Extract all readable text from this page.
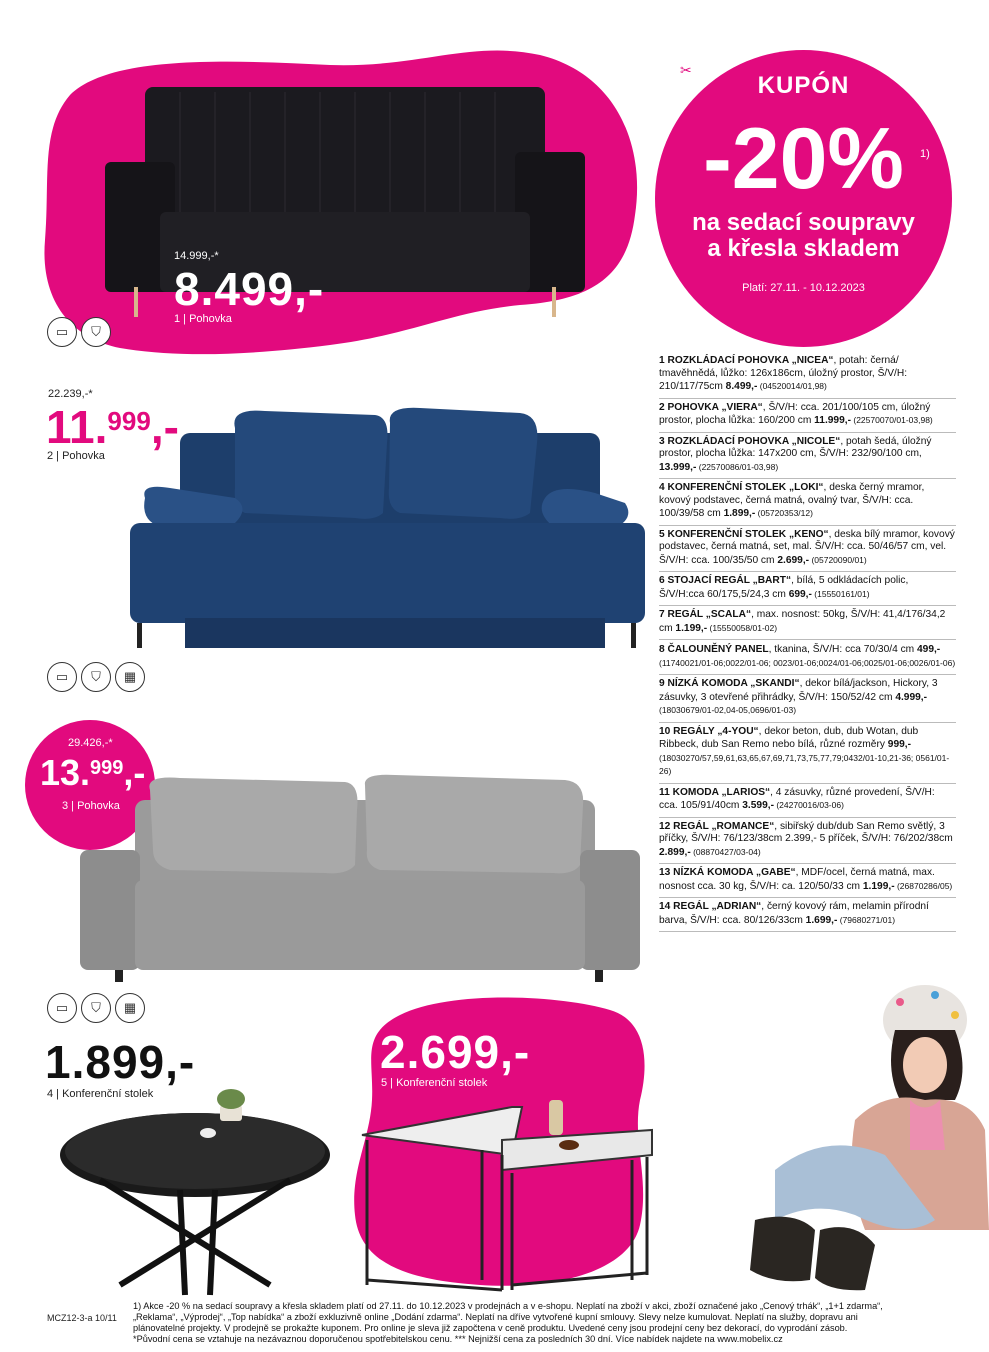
KUPÓN
-20%	1)
na sedací soupravy
a křesla skladem
Platí: 27.11. - 10.12.2023
✂
14.999,-*
8.499,-
1 | Pohovka
▭	⛉
22.239,-*
11.999,-
2 | Pohovka
▭	⛉	▦
29.426,-*
13.999,-
3 | Pohovka
▭	⛉	▦
1.899,-
4 | Konferenční stolek
2.699,-
5 | Konferenční stolek
1 ROZKLÁDACÍ POHOVKA „NICEA“, potah: černá/ tmavěhnědá, lůžko: 126x186cm, úložný prostor, Š/V/H: 210/117/75cm 8.499,- (04520014/01,98)
2 POHOVKA „VIERA“, Š/V/H: cca. 201/100/105 cm, úložný prostor, plocha lůžka: 160/200 cm 11.999,- (22570070/01-03,98)
3 ROZKLÁDACÍ POHOVKA „NICOLE“, potah šedá, úložný prostor, plocha lůžka: 147x200 cm, Š/V/H: 232/90/100 cm, 13.999,- (22570086/01-03,98)
4 KONFERENČNÍ STOLEK „LOKI“, deska černý mramor, kovový podstavec, černá matná, ovalný tvar, Š/V/H: cca. 100/39/58 cm 1.899,- (05720353/12)
5 KONFERENČNÍ STOLEK „KENO“, deska bílý mramor, kovový podstavec, černá matná, set, mal. Š/V/H: cca. 50/46/57 cm, vel. Š/V/H: cca. 100/35/50 cm 2.699,- (05720090/01)
6 STOJACÍ REGÁL „BART“, bílá, 5 odkládacích polic, Š/V/H:cca 60/175,5/24,3 cm 699,- (15550161/01)
7 REGÁL „SCALA“, max. nosnost: 50kg, Š/V/H: 41,4/176/34,2 cm 1.199,- (15550058/01-02)
8 ČALOUNĚNÝ PANEL, tkanina, Š/V/H: cca 70/30/4 cm 499,- (11740021/01-06;0022/01-06; 0023/01-06;0024/01-06;0025/01-06;0026/01-06)
9 NÍZKÁ KOMODA „SKANDI“, dekor bílá/jackson, Hickory, 3 zásuvky, 3 otevřené přihrádky, Š/V/H: 150/52/42 cm 4.999,- (18030679/01-02,04-05,0696/01-03)
10 REGÁLY „4-YOU“, dekor beton, dub, dub Wotan, dub Ribbeck, dub San Remo nebo bílá, různé rozměry 999,- (18030270/57,59,61,63,65,67,69,71,73,75,77,79;0432/01-10,21-36; 0561/01-26)
11 KOMODA „LARIOS“, 4 zásuvky, různé provedení, Š/V/H: cca. 105/91/40cm 3.599,- (24270016/03-06)
12 REGÁL „ROMANCE“, sibiřský dub/dub San Remo světlý, 3 příčky, Š/V/H: 76/123/38cm 2.399,- 5 příček, Š/V/H: 76/202/38cm 2.899,- (08870427/03-04)
13 NÍZKÁ KOMODA „GABE“, MDF/ocel, černá matná, max. nosnost cca. 30 kg, Š/V/H: ca. 120/50/33 cm 1.199,- (26870286/05)
14 REGÁL „ADRIAN“, černý kovový rám, melamin přírodní barva, Š/V/H: cca. 80/126/33cm 1.699,- (79680271/01)
MCZ12-3-a 10/11
1) Akce -20 % na sedací soupravy a křesla skladem platí od 27.11. do 10.12.2023 v prodejnách a v e-shopu. Neplatí na zboží v akci, zboží označené jako „Cenový trhák“, „1+1 zdarma“,
„Reklama“, „Výprodej“, „Top nabídka“ a zboží exkluzivně online „Dodání zdarma“. Neplatí na dříve vytvořené kupní smlouvy. Slevy nelze kumulovat. Neplatí na služby, dopravu ani
plánovatelné projekty. V prodejně se prokažte kuponem. Pro online je sleva již započtena v ceně produktu. Uvedené ceny jsou prodejní ceny bez dekorací, do vyprodání zásob.
*Původní cena se vztahuje na nezávaznou doporučenou spotřebitelskou cenu. *** Nejnižší cena za posledních 30 dní. Více nabídek najdete na www.mobelix.cz
